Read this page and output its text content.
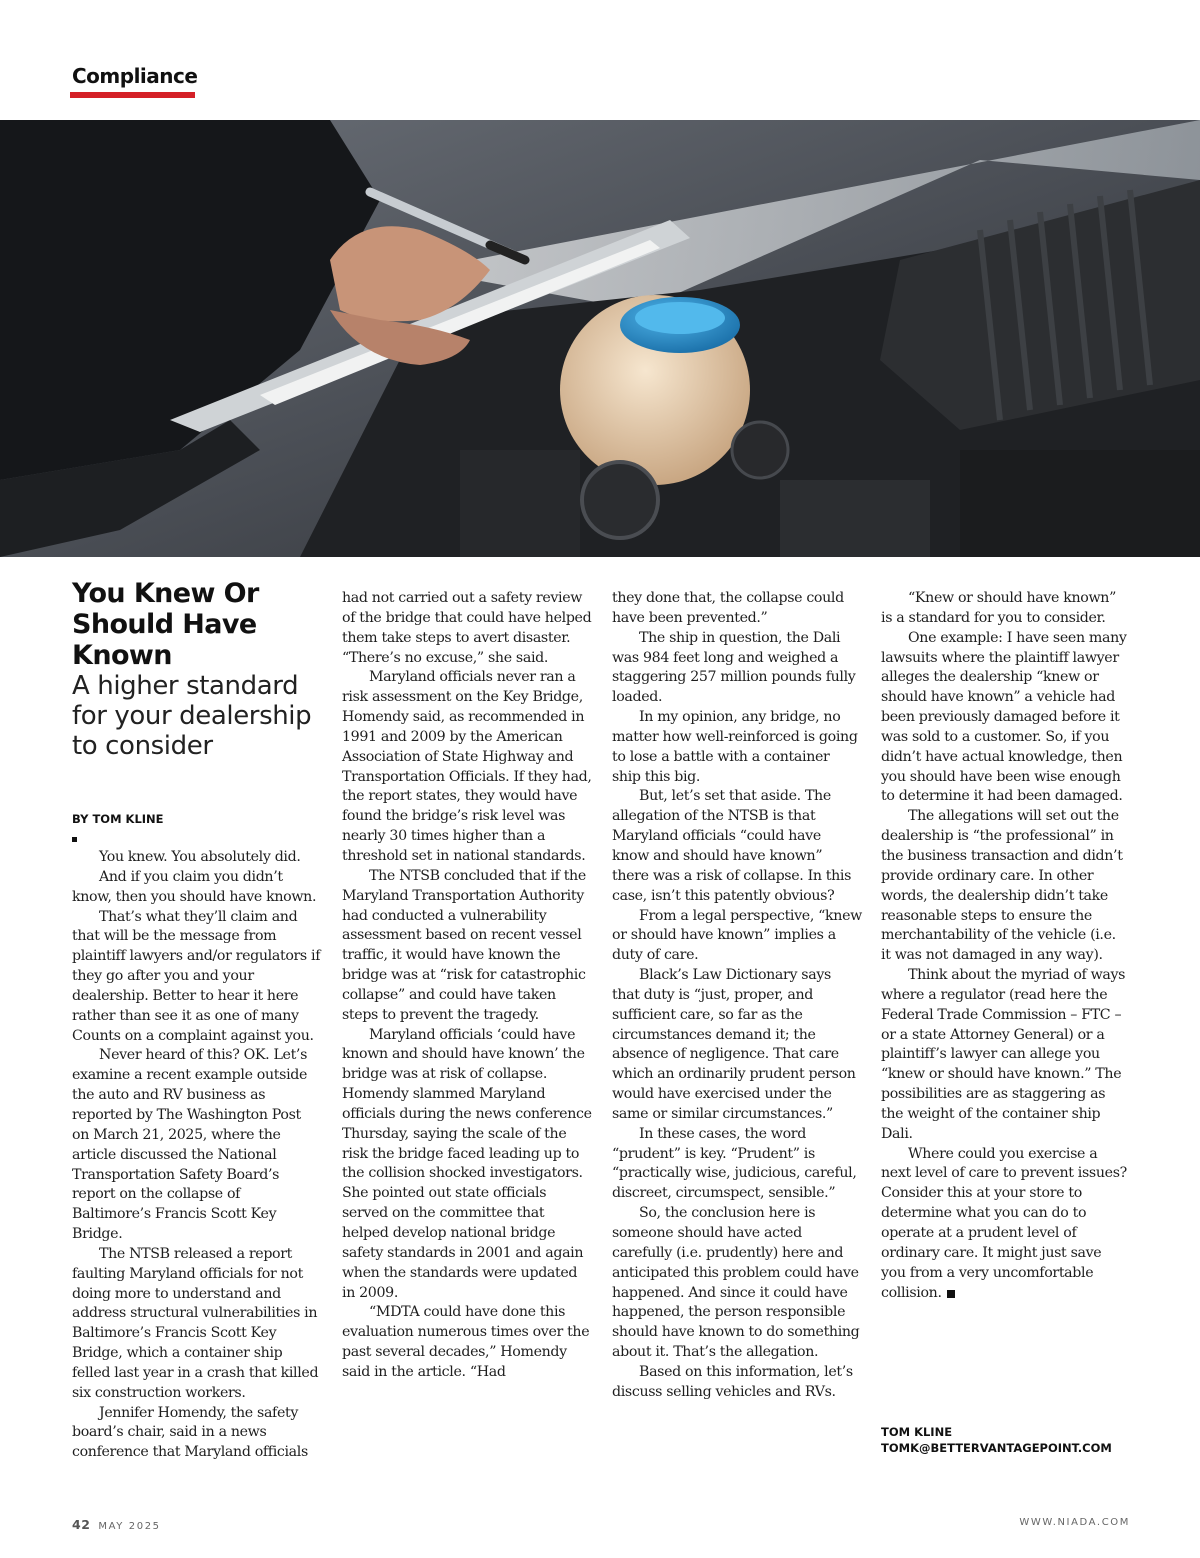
Compliance
You Knew Or Should Have Known
A higher standard for your dealership to consider
BY TOM KLINE

You knew. You absolutely did.

And if you claim you didn’t know, then you should have known.

That’s what they’ll claim and that will be the message from plaintiff lawyers and/or regulators if they go after you and your dealership. Better to hear it here rather than see it as one of many Counts on a complaint against you.

Never heard of this? OK. Let’s examine a recent example outside the auto and RV business as reported by The Washington Post on March 21, 2025, where the article discussed the National Transportation Safety Board’s report on the collapse of Baltimore’s Francis Scott Key Bridge.

The NTSB released a report faulting Maryland officials for not doing more to understand and address structural vulnerabilities in Baltimore’s Francis Scott Key Bridge, which a container ship felled last year in a crash that killed six construction workers.

Jennifer Homendy, the safety board’s chair, said in a news conference that Maryland officials

had not carried out a safety review of the bridge that could have helped them take steps to avert disaster. “There’s no excuse,” she said.

Maryland officials never ran a risk assessment on the Key Bridge, Homendy said, as recommended in 1991 and 2009 by the American Association of State Highway and Transportation Officials. If they had, the report states, they would have found the bridge’s risk level was nearly 30 times higher than a threshold set in national standards.

The NTSB concluded that if the Maryland Transportation Authority had conducted a vulnerability assessment based on recent vessel traffic, it would have known the bridge was at “risk for catastrophic collapse” and could have taken steps to prevent the tragedy.

Maryland officials ‘could have known and should have known’ the bridge was at risk of collapse. Homendy slammed Maryland officials during the news conference Thursday, saying the scale of the risk the bridge faced leading up to the collision shocked investigators. She pointed out state officials served on the committee that helped develop national bridge safety standards in 2001 and again when the standards were updated in 2009.

“MDTA could have done this evaluation numerous times over the past several decades,” Homendy said in the article. “Had

they done that, the collapse could have been prevented.”

The ship in question, the Dali was 984 feet long and weighed a staggering 257 million pounds fully loaded.

In my opinion, any bridge, no matter how well-reinforced is going to lose a battle with a container ship this big.

But, let’s set that aside. The allegation of the NTSB is that Maryland officials “could have know and should have known” there was a risk of collapse. In this case, isn’t this patently obvious?

From a legal perspective, “knew or should have known” implies a duty of care.

Black’s Law Dictionary says that duty is “just, proper, and sufficient care, so far as the circumstances demand it; the absence of negligence. That care which an ordinarily prudent person would have exercised under the same or similar circumstances.”

In these cases, the word “prudent” is key. “Prudent” is “practically wise, judicious, careful, discreet, circumspect, sensible.”

So, the conclusion here is someone should have acted carefully (i.e. prudently) here and anticipated this problem could have happened. And since it could have happened, the person responsible should have known to do something about it. That’s the allegation.

Based on this information, let’s discuss selling vehicles and RVs.

“Knew or should have known” is a standard for you to consider.

One example: I have seen many lawsuits where the plaintiff lawyer alleges the dealership “knew or should have known” a vehicle had been previously damaged before it was sold to a customer. So, if you didn’t have actual knowledge, then you should have been wise enough to determine it had been damaged.

The allegations will set out the dealership is “the professional” in the business transaction and didn’t provide ordinary care. In other words, the dealership didn’t take reasonable steps to ensure the merchantability of the vehicle (i.e. it was not damaged in any way).

Think about the myriad of ways where a regulator (read here the Federal Trade Commission – FTC – or a state Attorney General) or a plaintiff’s lawyer can allege you “knew or should have known.” The possibilities are as staggering as the weight of the container ship Dali.

Where could you exercise a next level of care to prevent issues? Consider this at your store to determine what you can do to operate at a prudent level of ordinary care. It might just save you from a very uncomfortable collision.

TOM KLINE
TOMK@BETTERVANTAGEPOINT.COM
42 MAY 2025	WWW.NIADA.COM
